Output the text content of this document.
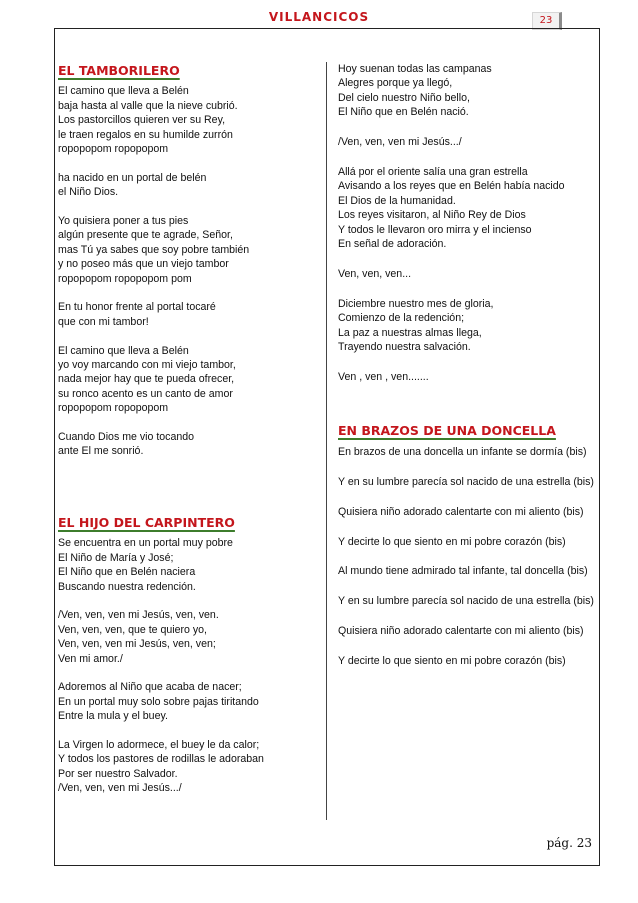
VILLANCICOS	23
EL TAMBORILERO
El camino que lleva a Belén
baja hasta al valle que la nieve cubrió.
Los pastorcillos quieren ver su Rey,
le traen regalos en su humilde zurrón
ropopopom ropopopom
ha nacido en un portal de belén
el Niño Dios.
Yo quisiera poner a tus pies
algún presente que te agrade, Señor,
mas Tú ya sabes que soy pobre también
y no poseo más que un viejo tambor
ropopopom ropopopom pom
En tu honor frente al portal tocaré
que con mi tambor!
El camino que lleva a Belén
yo voy marcando con mi viejo tambor,
nada mejor hay que te pueda ofrecer,
su ronco acento es un canto de amor
ropopopom ropopopom
Cuando Dios me vio tocando
ante El me sonrió.
EL HIJO DEL CARPINTERO
Se encuentra en un portal muy pobre
El Niño de María y José;
El Niño que en Belén naciera
Buscando nuestra redención.
/Ven, ven, ven mi Jesús, ven, ven.
Ven, ven, ven, que te quiero yo,
Ven, ven, ven mi Jesús, ven, ven;
Ven mi amor./
Adoremos al Niño que acaba de nacer;
En un portal muy solo sobre pajas tiritando
Entre la mula y el buey.
La Virgen lo adormece, el buey le da calor;
Y todos los pastores de rodillas le adoraban
Por ser nuestro Salvador.
/Ven, ven, ven mi Jesús.../
Hoy suenan todas las campanas
Alegres porque ya llegó,
Del cielo nuestro Niño bello,
El Niño que en Belén nació.
/Ven, ven, ven mi Jesús.../
Allá por el oriente salía una gran estrella
Avisando a los reyes que en Belén había nacido
El Dios de la humanidad.
Los reyes visitaron, al Niño Rey de Dios
Y todos le llevaron oro mirra y el incienso
En señal de adoración.
Ven, ven, ven...
Diciembre nuestro mes de gloria,
Comienzo de la redención;
La paz a nuestras almas llega,
Trayendo nuestra salvación.
Ven , ven , ven.......
EN BRAZOS DE UNA DONCELLA
En brazos de una doncella un infante se dormía (bis)
Y en su lumbre parecía sol nacido de una estrella (bis)
Quisiera niño adorado calentarte con mi aliento (bis)
Y decirte lo que siento en mi pobre corazón (bis)
Al mundo tiene admirado tal infante, tal doncella (bis)
Y en su lumbre parecía sol nacido de una estrella (bis)
Quisiera niño adorado calentarte con mi aliento (bis)
Y decirte lo que siento en mi pobre corazón (bis)
pág. 23
